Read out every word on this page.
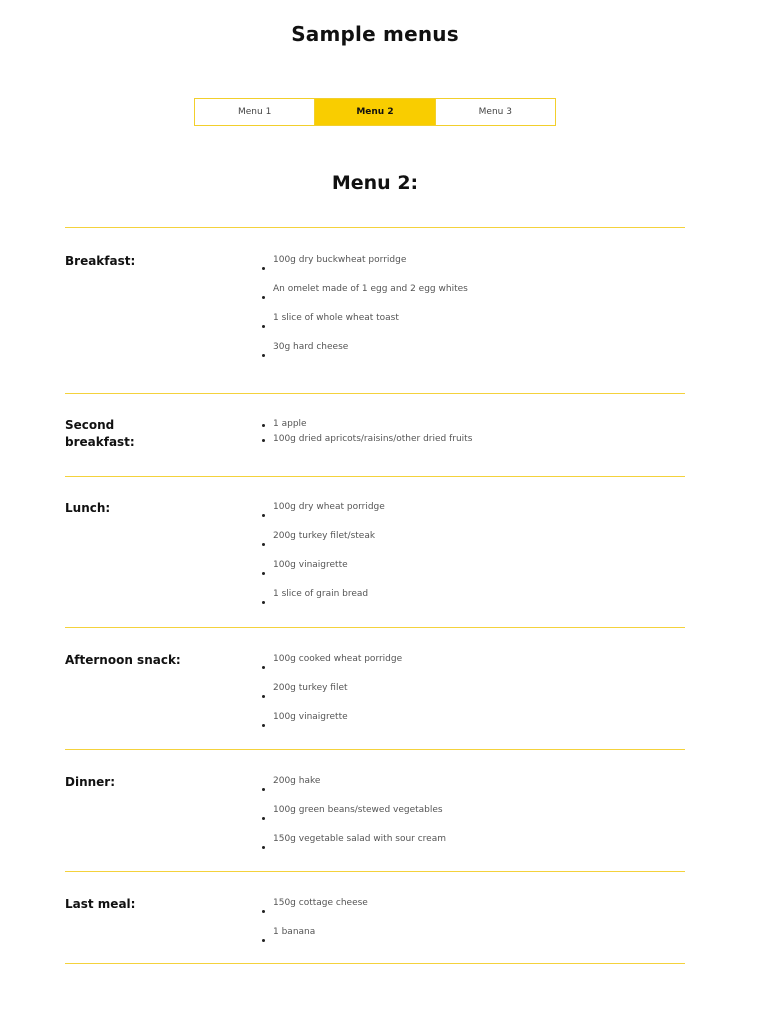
Sample menus
Menu 1	Menu 2	Menu 3
Menu 2:
Breakfast:	100g dry buckwheat porridge
An omelet made of 1 egg and 2 egg whites
1 slice of whole wheat toast
30g hard cheese
Second breakfast:
1 apple
100g dried apricots/raisins/other dried fruits
Lunch:	100g dry wheat porridge
200g turkey filet/steak
100g vinaigrette
1 slice of grain bread
Afternoon snack:	100g cooked wheat porridge
200g turkey filet
100g vinaigrette
Dinner:	200g hake
100g green beans/stewed vegetables
150g vegetable salad with sour cream
Last meal:	150g cottage cheese
1 banana
